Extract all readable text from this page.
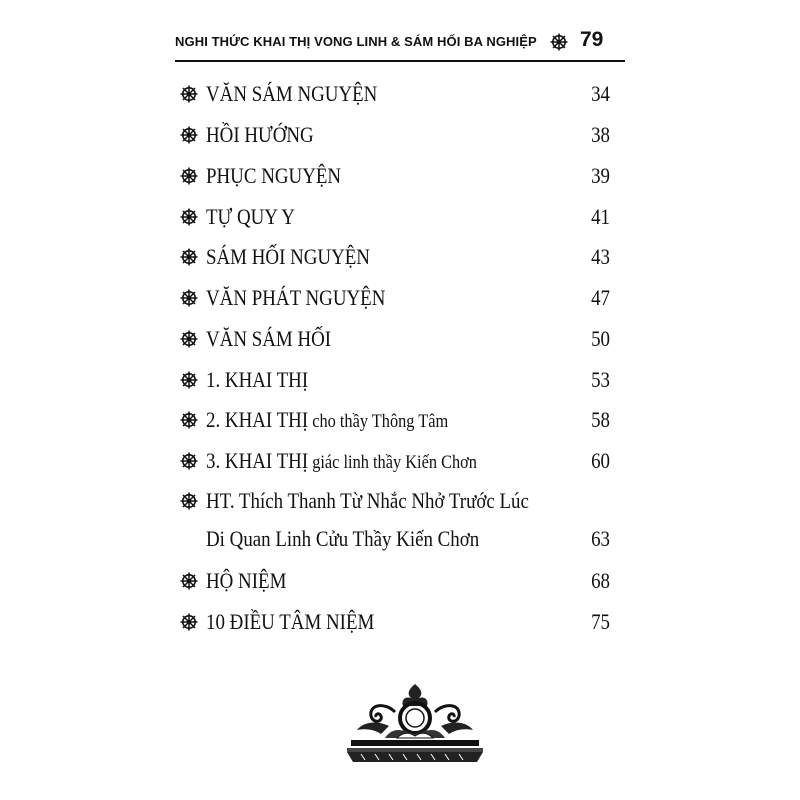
NGHI THỨC KHAI THỊ VONG LINH & SÁM HỐI BA NGHIỆP 79
VĂN SÁM NGUYỆN	34
HỒI HƯỚNG	38
PHỤC NGUYỆN	39
TỰ QUY Y	41
SÁM HỐI NGUYỆN	43
VĂN PHÁT NGUYỆN	47
VĂN SÁM HỐI	50
1. KHAI THỊ	53
2. KHAI THỊ cho thầy Thông Tâm	58
3. KHAI THỊ giác linh thầy Kiến Chơn	60
HT. Thích Thanh Từ Nhắc Nhở Trước Lúc
Di Quan Linh Cửu Thầy Kiến Chơn	63
HỘ NIỆM	68
10 ĐIỀU TÂM NIỆM	75
